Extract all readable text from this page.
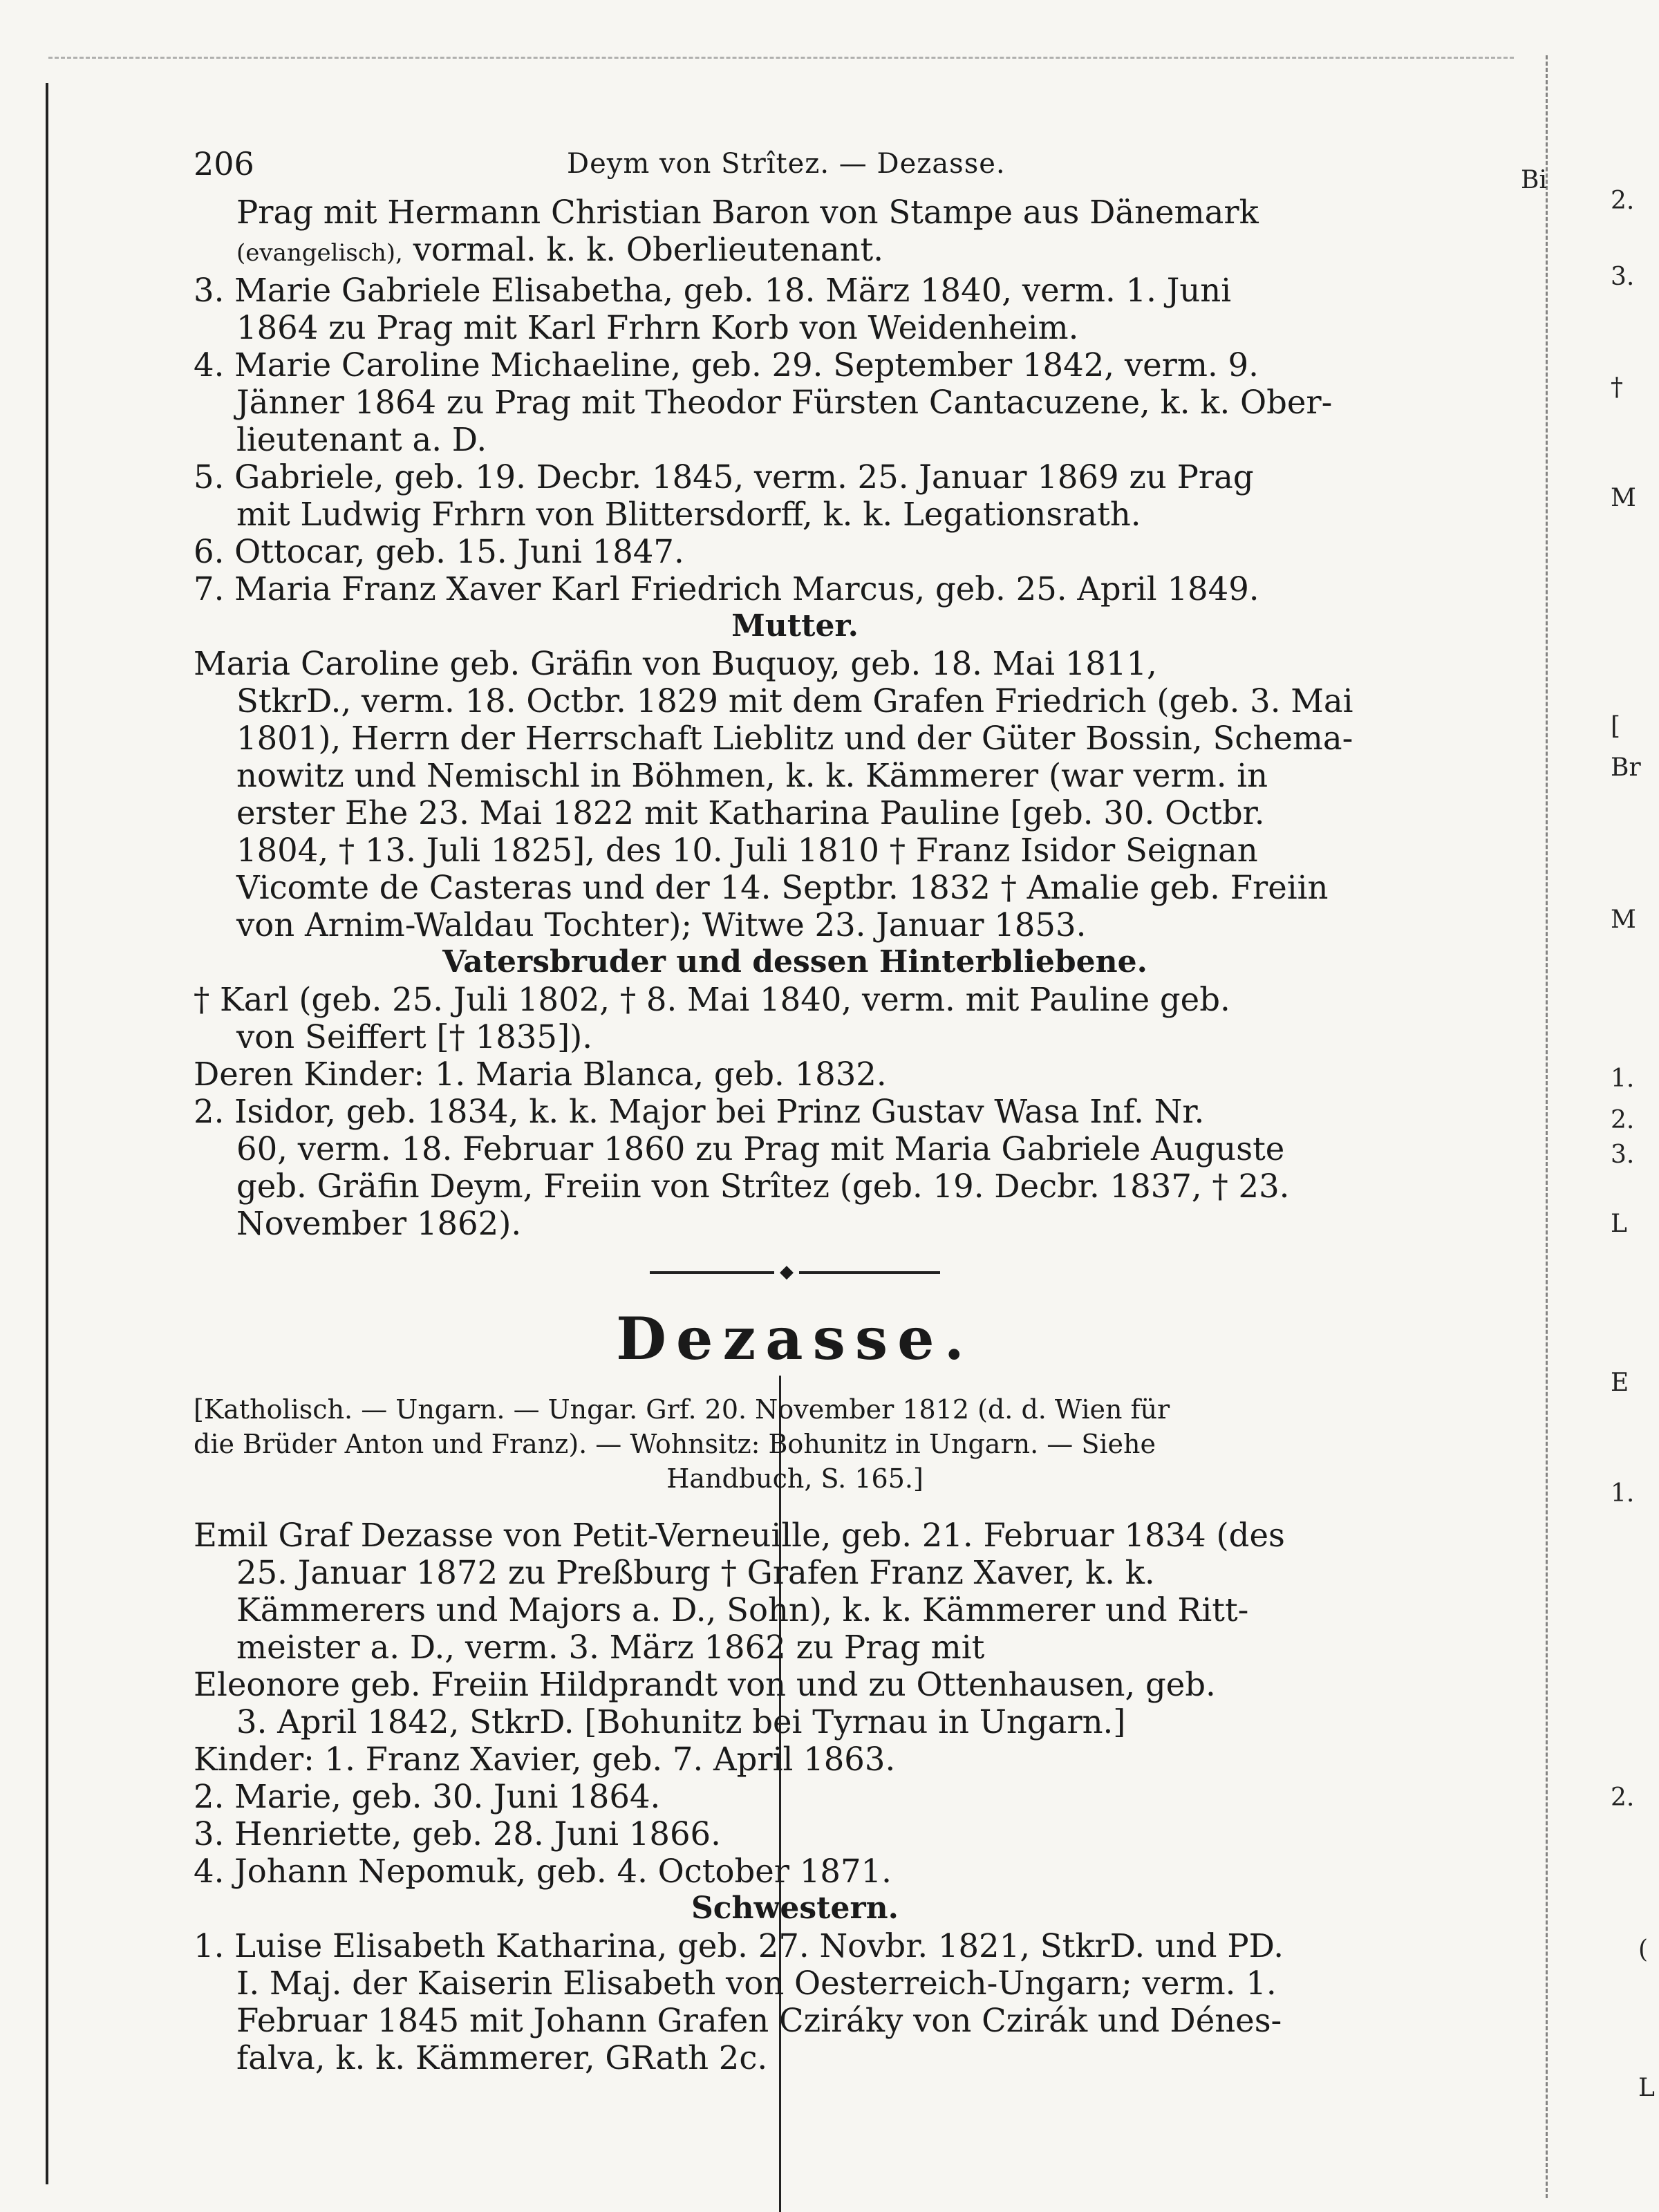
206	Deym von Strîtez. — Dezasse.

Prag mit Hermann Christian Baron von Stampe aus Dänemark

(evangelisch), vormal. k. k. Oberlieutenant.

3. Marie Gabriele Elisabetha, geb. 18. März 1840, verm. 1. Juni

1864 zu Prag mit Karl Frhrn Korb von Weidenheim.

4. Marie Caroline Michaeline, geb. 29. September 1842, verm. 9.

Jänner 1864 zu Prag mit Theodor Fürsten Cantacuzene, k. k. Ober-

lieutenant a. D.

5. Gabriele, geb. 19. Decbr. 1845, verm. 25. Januar 1869 zu Prag

mit Ludwig Frhrn von Blittersdorff, k. k. Legationsrath.

6. Ottocar, geb. 15. Juni 1847.

7. Maria Franz Xaver Karl Friedrich Marcus, geb. 25. April 1849.

Mutter.

Maria Caroline geb. Gräfin von Buquoy, geb. 18. Mai 1811,

StkrD., verm. 18. Octbr. 1829 mit dem Grafen Friedrich (geb. 3. Mai

1801), Herrn der Herrschaft Lieblitz und der Güter Bossin, Schema-

nowitz und Nemischl in Böhmen, k. k. Kämmerer (war verm. in

erster Ehe 23. Mai 1822 mit Katharina Pauline [geb. 30. Octbr.

1804, † 13. Juli 1825], des 10. Juli 1810 † Franz Isidor Seignan

Vicomte de Casteras und der 14. Septbr. 1832 † Amalie geb. Freiin

von Arnim-Waldau Tochter); Witwe 23. Januar 1853.

Vatersbruder und dessen Hinterbliebene.

† Karl (geb. 25. Juli 1802, † 8. Mai 1840, verm. mit Pauline geb.

von Seiffert [† 1835]).

Deren Kinder: 1. Maria Blanca, geb. 1832.

2. Isidor, geb. 1834, k. k. Major bei Prinz Gustav Wasa Inf. Nr.

60, verm. 18. Februar 1860 zu Prag mit Maria Gabriele Auguste

geb. Gräfin Deym, Freiin von Strîtez (geb. 19. Decbr. 1837, † 23.

November 1862).

◆
Dezasse.
[Katholisch. — Ungarn. — Ungar. Grf. 20. November 1812 (d. d. Wien für
die Brüder Anton und Franz). — Wohnsitz: Bohunitz in Ungarn. — Siehe
Handbuch, S. 165.]

Emil Graf Dezasse von Petit-Verneuille, geb. 21. Februar 1834 (des

25. Januar 1872 zu Preßburg † Grafen Franz Xaver, k. k.

Kämmerers und Majors a. D., Sohn), k. k. Kämmerer und Ritt-

meister a. D., verm. 3. März 1862 zu Prag mit

Eleonore geb. Freiin Hildprandt von und zu Ottenhausen, geb.

3. April 1842, StkrD. [Bohunitz bei Tyrnau in Ungarn.]

Kinder: 1. Franz Xavier, geb. 7. April 1863.

2. Marie, geb. 30. Juni 1864.

3. Henriette, geb. 28. Juni 1866.

4. Johann Nepomuk, geb. 4. October 1871.

Schwestern.

1. Luise Elisabeth Katharina, geb. 27. Novbr. 1821, StkrD. und PD.

I. Maj. der Kaiserin Elisabeth von Oesterreich-Ungarn; verm. 1.

Februar 1845 mit Johann Grafen Cziráky von Czirák und Dénes-

falva, k. k. Kämmerer, GRath 2c.

Bi
2.
3.
†
M
[
Br
M
1.
2.
3.
L
E
1.
2.
(
L
